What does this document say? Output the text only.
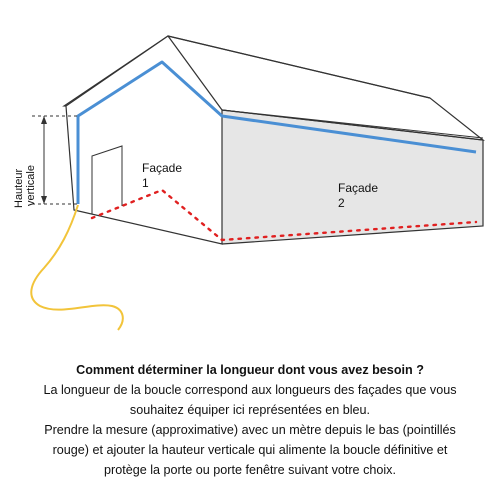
Hauteur verticale	Façade
1	Façade
2
Comment déterminer la longueur dont vous avez besoin ?
La longueur de la boucle correspond aux longueurs des façades que vous
souhaitez équiper ici représentées en bleu.
Prendre la mesure (approximative) avec un mètre depuis le bas (pointillés
rouge) et ajouter la hauteur verticale qui alimente la boucle définitive et
protège la porte ou porte fenêtre suivant votre choix.
